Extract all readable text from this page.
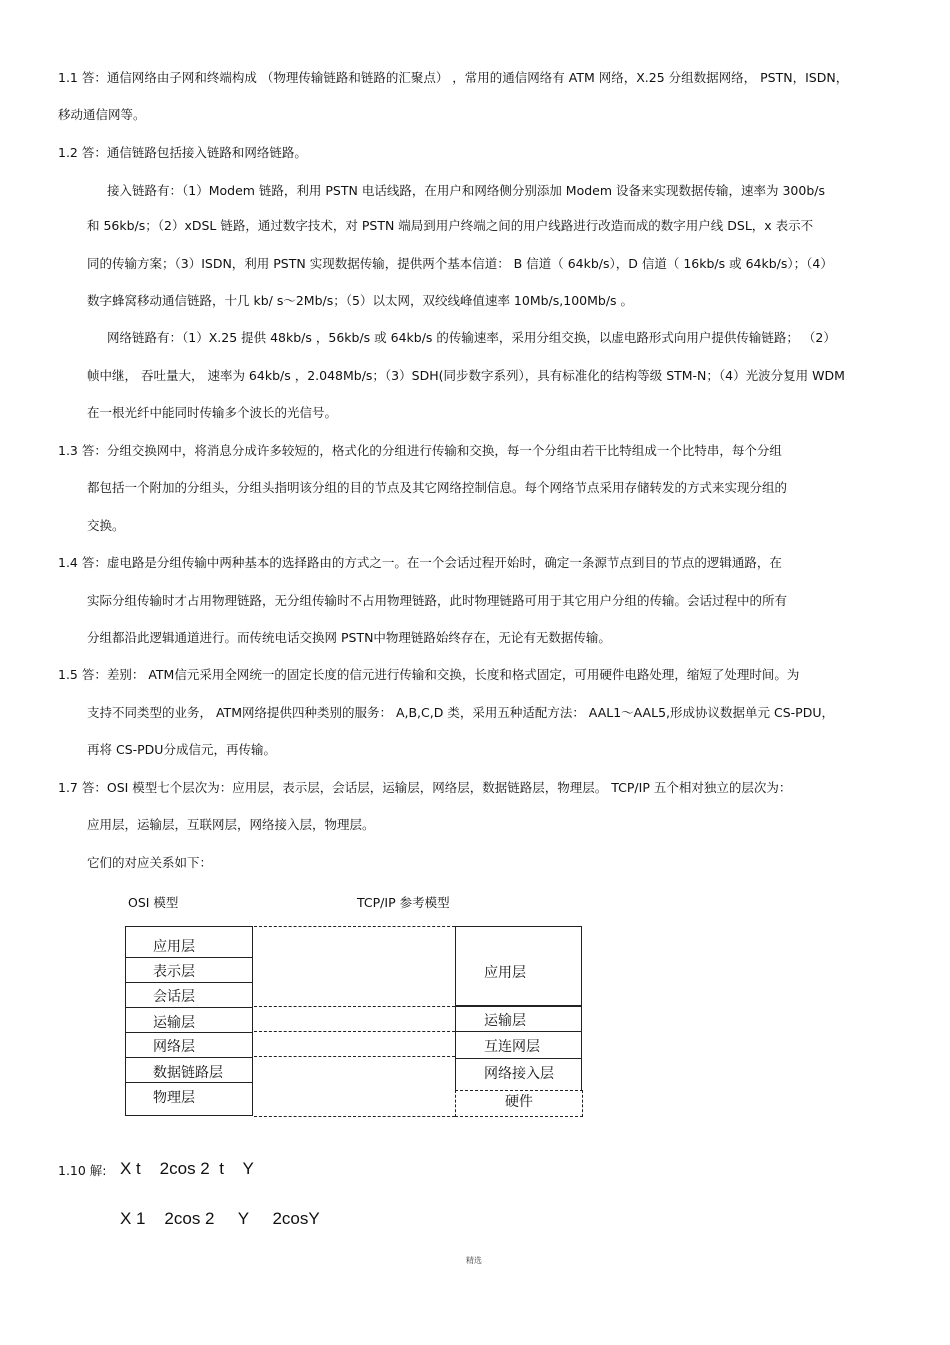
1.1 答：通信网络由子网和终端构成 （物理传输链路和链路的汇聚点） ，常用的通信网络有 ATM 网络，X.25 分组数据网络， PSTN，ISDN，
移动通信网等。
1.2 答：通信链路包括接入链路和网络链路。
接入链路有：（1）Modem 链路，利用 PSTN 电话线路，在用户和网络侧分别添加 Modem 设备来实现数据传输，速率为 300b/s
和 56kb/s；（2）xDSL 链路，通过数字技术，对 PSTN 端局到用户终端之间的用户线路进行改造而成的数字用户线 DSL，x 表示不
同的传输方案；（3）ISDN，利用 PSTN 实现数据传输，提供两个基本信道： B 信道（ 64kb/s），D 信道（ 16kb/s 或 64kb/s）；（4）
数字蜂窝移动通信链路，十几 kb/ s～2Mb/s；（5）以太网，双绞线峰值速率 10Mb/s,100Mb/s 。
网络链路有：（1）X.25 提供 48kb/s ，56kb/s 或 64kb/s 的传输速率，采用分组交换，以虚电路形式向用户提供传输链路； （2）
帧中继， 吞吐量大， 速率为 64kb/s ，2.048Mb/s；（3）SDH(同步数字系列），具有标准化的结构等级 STM-N；（4）光波分复用 WDM
在一根光纤中能同时传输多个波长的光信号。
1.3 答：分组交换网中，将消息分成许多较短的，格式化的分组进行传输和交换，每一个分组由若干比特组成一个比特串，每个分组
都包括一个附加的分组头，分组头指明该分组的目的节点及其它网络控制信息。每个网络节点采用存储转发的方式来实现分组的
交换。
1.4 答：虚电路是分组传输中两种基本的选择路由的方式之一。在一个会话过程开始时，确定一条源节点到目的节点的逻辑通路，在
实际分组传输时才占用物理链路，无分组传输时不占用物理链路，此时物理链路可用于其它用户分组的传输。会话过程中的所有
分组都沿此逻辑通道进行。而传统电话交换网 PSTN中物理链路始终存在，无论有无数据传输。
1.5 答：差别： ATM信元采用全网统一的固定长度的信元进行传输和交换，长度和格式固定，可用硬件电路处理，缩短了处理时间。为
支持不同类型的业务， ATM网络提供四种类别的服务： A,B,C,D 类，采用五种适配方法： AAL1～AAL5,形成协议数据单元 CS-PDU，
再将 CS-PDU分成信元，再传输。
1.7 答：OSI 模型七个层次为：应用层，表示层，会话层，运输层，网络层，数据链路层，物理层。 TCP/IP 五个相对独立的层次为：
应用层，运输层，互联网层，网络接入层，物理层。
它们的对应关系如下：
OSI 模型	TCP/IP 参考模型
应用层
表示层
会话层
运输层
网络层
数据链路层
物理层
应用层
运输层
互连网层
网络接入层
硬件
1.10 解: X t    2cos 2  t    Y
X 1    2cos 2     Y     2cosY
精选
